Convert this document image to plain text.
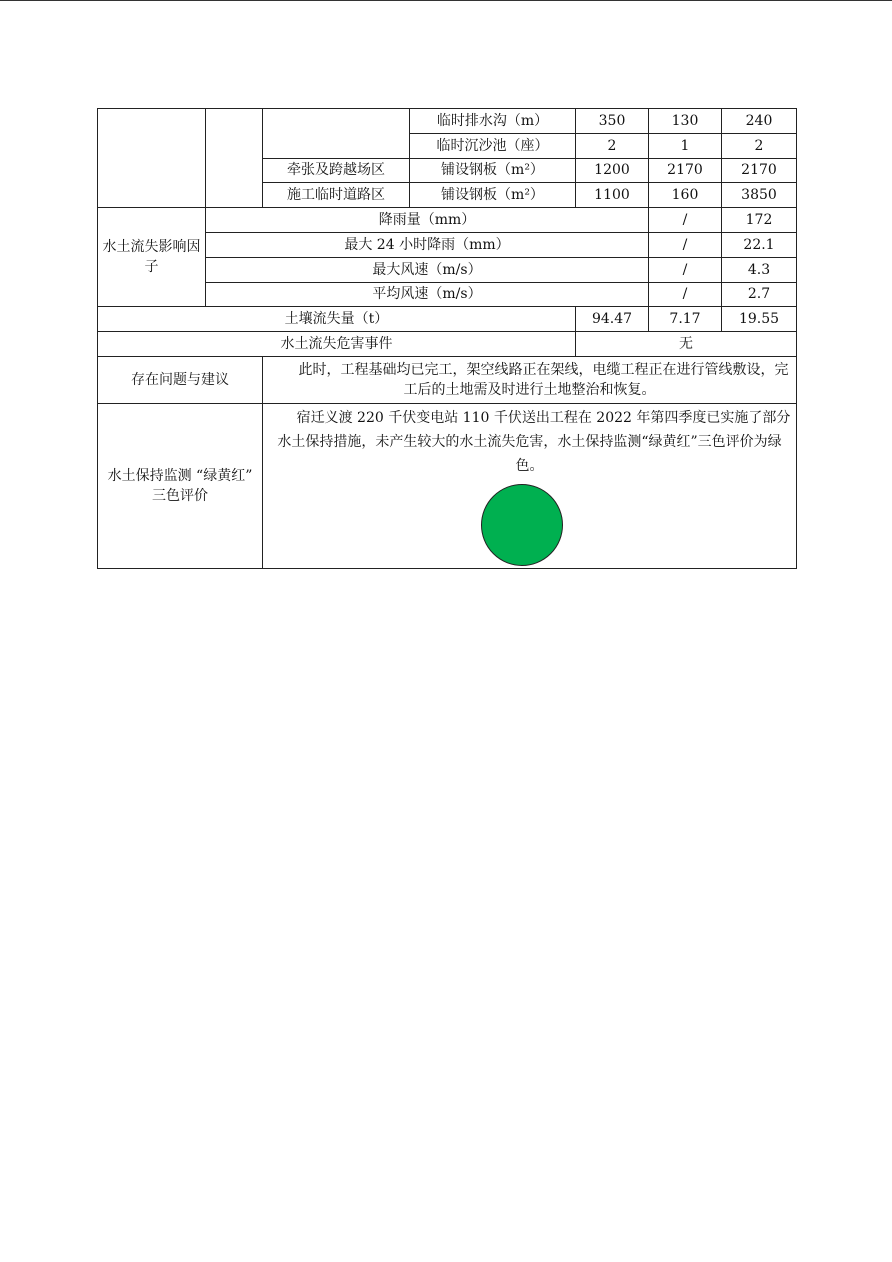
			临时排水沟（m）	350	130	240	
			临时沉沙池（座）	2	1	2	
		牵张及跨越场区	铺设钢板（m²）	1200	2170	2170	
		施工临时道路区	铺设钢板（m²）	1100	160	3850	
水土流失影响因子	降雨量（mm）				/	172	
	最大 24 小时降雨（mm）				/	22.1	
	最大风速（m/s）				/	4.3	
	平均风速（m/s）				/	2.7	
土壤流失量（t）				94.47	7.17	19.55	
水土流失危害事件				无			
存在问题与建议		此时，工程基础均已完工，架空线路正在架线，电缆工程正在进行管线敷设，完工后的土地需及时进行土地整治和恢复。					
水土保持监测 “绿黄红” 三色评价		宿迁义渡 220 千伏变电站 110 千伏送出工程在 2022 年第四季度已实施了部分水土保持措施，未产生较大的水土流失危害，水土保持监测“绿黄红”三色评价为绿色。					
